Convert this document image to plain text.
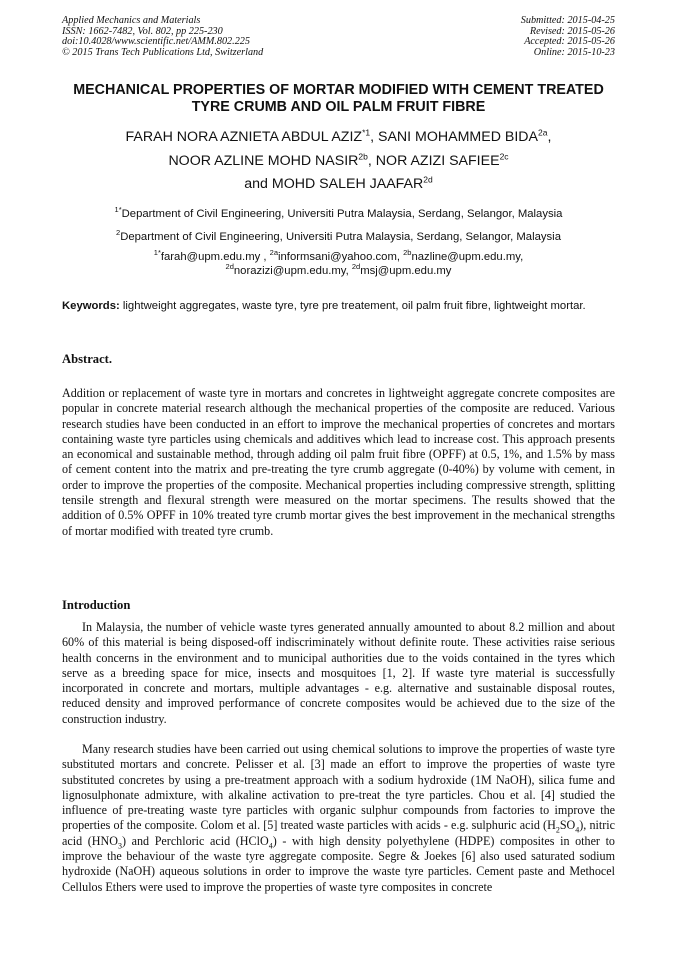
Applied Mechanics and Materials
ISSN: 1662-7482, Vol. 802, pp 225-230
doi:10.4028/www.scientific.net/AMM.802.225
© 2015 Trans Tech Publications Ltd, Switzerland
Submitted: 2015-04-25
Revised: 2015-05-26
Accepted: 2015-05-26
Online: 2015-10-23
MECHANICAL PROPERTIES OF MORTAR MODIFIED WITH CEMENT TREATED TYRE CRUMB AND OIL PALM FRUIT FIBRE
FARAH NORA AZNIETA ABDUL AZIZ$^{*1}$, SANI MOHAMMED $BIDA^{2a}$,
NOOR AZLINE MOHD $NASIR^{2b}$, NOR AZIZI $SAFIEE^{2c}$
and MOHD SALEH $JAAFAR^{2d}$
$^{1*}$Department of Civil Engineering, Universiti Putra Malaysia, Serdang, Selangor, Malaysia
$^2$Department of Civil Engineering, Universiti Putra Malaysia, Serdang, Selangor, Malaysia
$^{1*}$farah@upm.edu.my , $^{2a}$informsani@yahoo.com, $^{2b}$nazline@upm.edu.my,
$^{2d}$norazizi@upm.edu.my, $^{2d}$msj@upm.edu.my
Keywords: lightweight aggregates, waste tyre, tyre pre treatement, oil palm fruit fibre, lightweight mortar.
Abstract.
Addition or replacement of waste tyre in mortars and concretes in lightweight aggregate concrete composites are popular in concrete material research although the mechanical properties of the composite are reduced. Various research studies have been conducted in an effort to improve the mechanical properties of concretes and mortars containing waste tyre particles using chemicals and additives which lead to increase cost. This approach presents an economical and sustainable method, through adding oil palm fruit fibre (OPFF) at 0.5, 1%, and 1.5% by mass of cement content into the matrix and pre-treating the tyre crumb aggregate (0-40%) by volume with cement, in order to improve the properties of the composite. Mechanical properties including compressive strength, splitting tensile strength and flexural strength were measured on the mortar specimens. The results showed that the addition of 0.5% OPFF in 10% treated tyre crumb mortar gives the best improvement in the mechanical strengths of mortar modified with treated tyre crumb.
Introduction
In Malaysia, the number of vehicle waste tyres generated annually amounted to about 8.2 million and about 60% of this material is being disposed-off indiscriminately without definite route. These activities raise serious health concerns in the environment and to municipal authorities due to the voids contained in the tyres which serve as a breeding space for mice, insects and mosquitoes [1, 2]. If waste tyre material is successfully incorporated in concrete and mortars, multiple advantages - e.g. alternative and sustainable disposal routes, reduced density and improved performance of concrete composites would be achieved due to the size of the construction industry.
Many research studies have been carried out using chemical solutions to improve the properties of waste tyre substituted mortars and concrete. Pelisser et al. [3] made an effort to improve the properties of waste tyre substituted concretes by using a pre-treatment approach with a sodium hydroxide (1M NaOH), silica fume and lignosulphonate admixture, with alkaline activation to pre-treat the tyre particles. Chou et al. [4] studied the influence of pre-treating waste tyre particles with organic sulphur compounds from factories to improve the properties of the composite. Colom et al. [5] treated waste particles with acids - e.g. sulphuric acid $(H_2SO_4)$, nitric acid $(HNO_3)$ and Perchloric acid (HClO$_4$) - with high density polyethylene (HDPE) composites in other to improve the behaviour of the waste tyre aggregate composite. Segre & Joekes [6] also used saturated sodium hydroxide (NaOH) aqueous solutions in order to improve the waste tyre particles. Cement paste and Methocel Cellulos Ethers were used to improve the properties of waste tyre composites in concrete
